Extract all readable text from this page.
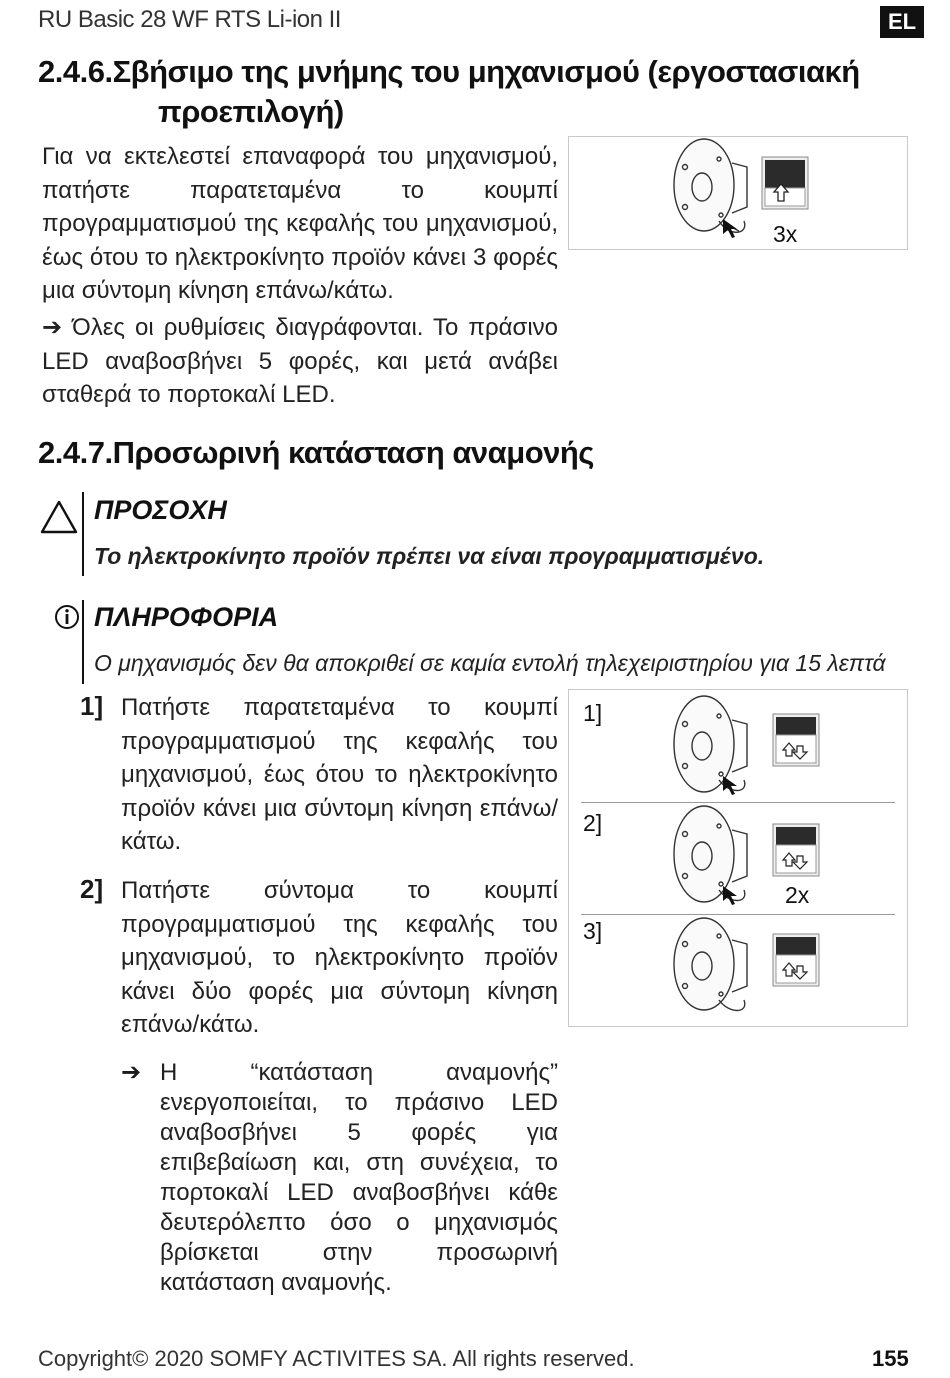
RU Basic 28 WF RTS Li-ion II	EL
2.4.6.Σβήσιμο της μνήμης του μηχανισμού (εργοστασιακή
προεπιλογή)
Για να εκτελεστεί επαναφορά του μηχανισμού, πατήστε παρατεταμένα το κουμπί προγραμματισμού της κεφαλής του μηχανισμού, έως ότου το ηλεκτροκίνητο προϊόν κάνει 3 φορές μια σύντομη κίνηση επάνω/κάτω.
➔ Όλες οι ρυθμίσεις διαγράφονται. Το πράσινο LED αναβοσβήνει 5 φορές, και μετά ανάβει σταθερά το πορτοκαλί LED.
3x
2.4.7.Προσωρινή κατάσταση αναμονής
ΠΡΟΣΟΧΗ
Το ηλεκτροκίνητο προϊόν πρέπει να είναι προγραμματισμένο.
ΠΛΗΡΟΦΟΡΙΑ
Ο μηχανισμός δεν θα αποκριθεί σε καμία εντολή τηλεχειριστηρίου για 15 λεπτά
1] Πατήστε παρατεταμένα το κουμπί προγραμματισμού της κεφαλής του μηχανισμού, έως ότου το ηλεκτροκίνητο προϊόν κάνει μια σύντομη κίνηση επάνω/κάτω.
2] Πατήστε σύντομα το κουμπί προγραμματισμού της κεφαλής του μηχανισμού, το ηλεκτροκίνητο προϊόν κάνει δύο φορές μια σύντομη κίνηση επάνω/κάτω.
➔ Η “κατάσταση αναμονής” ενεργοποιείται, το πράσινο LED αναβοσβήνει 5 φορές για επιβεβαίωση και, στη συνέχεια, το πορτοκαλί LED αναβοσβήνει κάθε δευτερόλεπτο όσο ο μηχανισμός βρίσκεται στην προσωρινή κατάσταση αναμονής.
1]
2]
2x
3]
Copyright© 2020 SOMFY ACTIVITES SA. All rights reserved.	155
